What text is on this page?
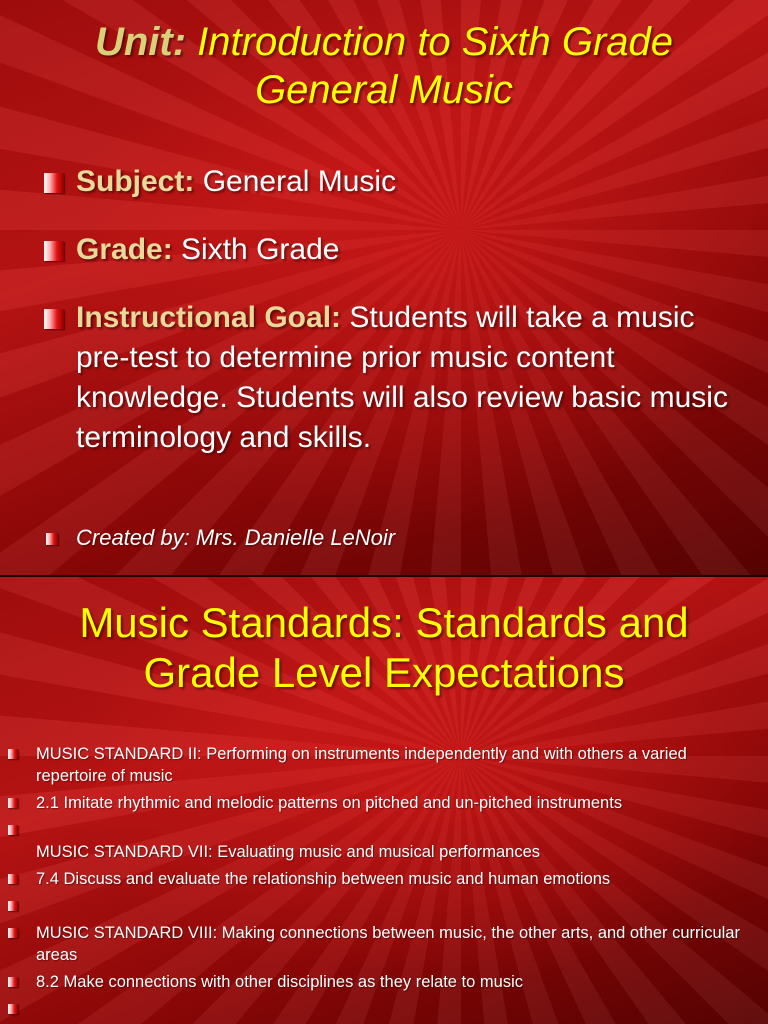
Unit: Introduction to Sixth Grade General Music
Subject: General Music
Grade: Sixth Grade
Instructional Goal: Students will take a music pre-test to determine prior music content knowledge. Students will also review basic music terminology and skills.
Created by: Mrs. Danielle LeNoir
Music Standards: Standards and Grade Level Expectations
MUSIC STANDARD II: Performing on instruments independently and with others a varied repertoire of music
2.1 Imitate rhythmic and melodic patterns on pitched and un-pitched instruments
MUSIC STANDARD VII: Evaluating music and musical performances
7.4 Discuss and evaluate the relationship between music and human emotions
MUSIC STANDARD VIII: Making connections between music, the other arts, and other curricular areas
8.2 Make connections with other disciplines as they relate to music
